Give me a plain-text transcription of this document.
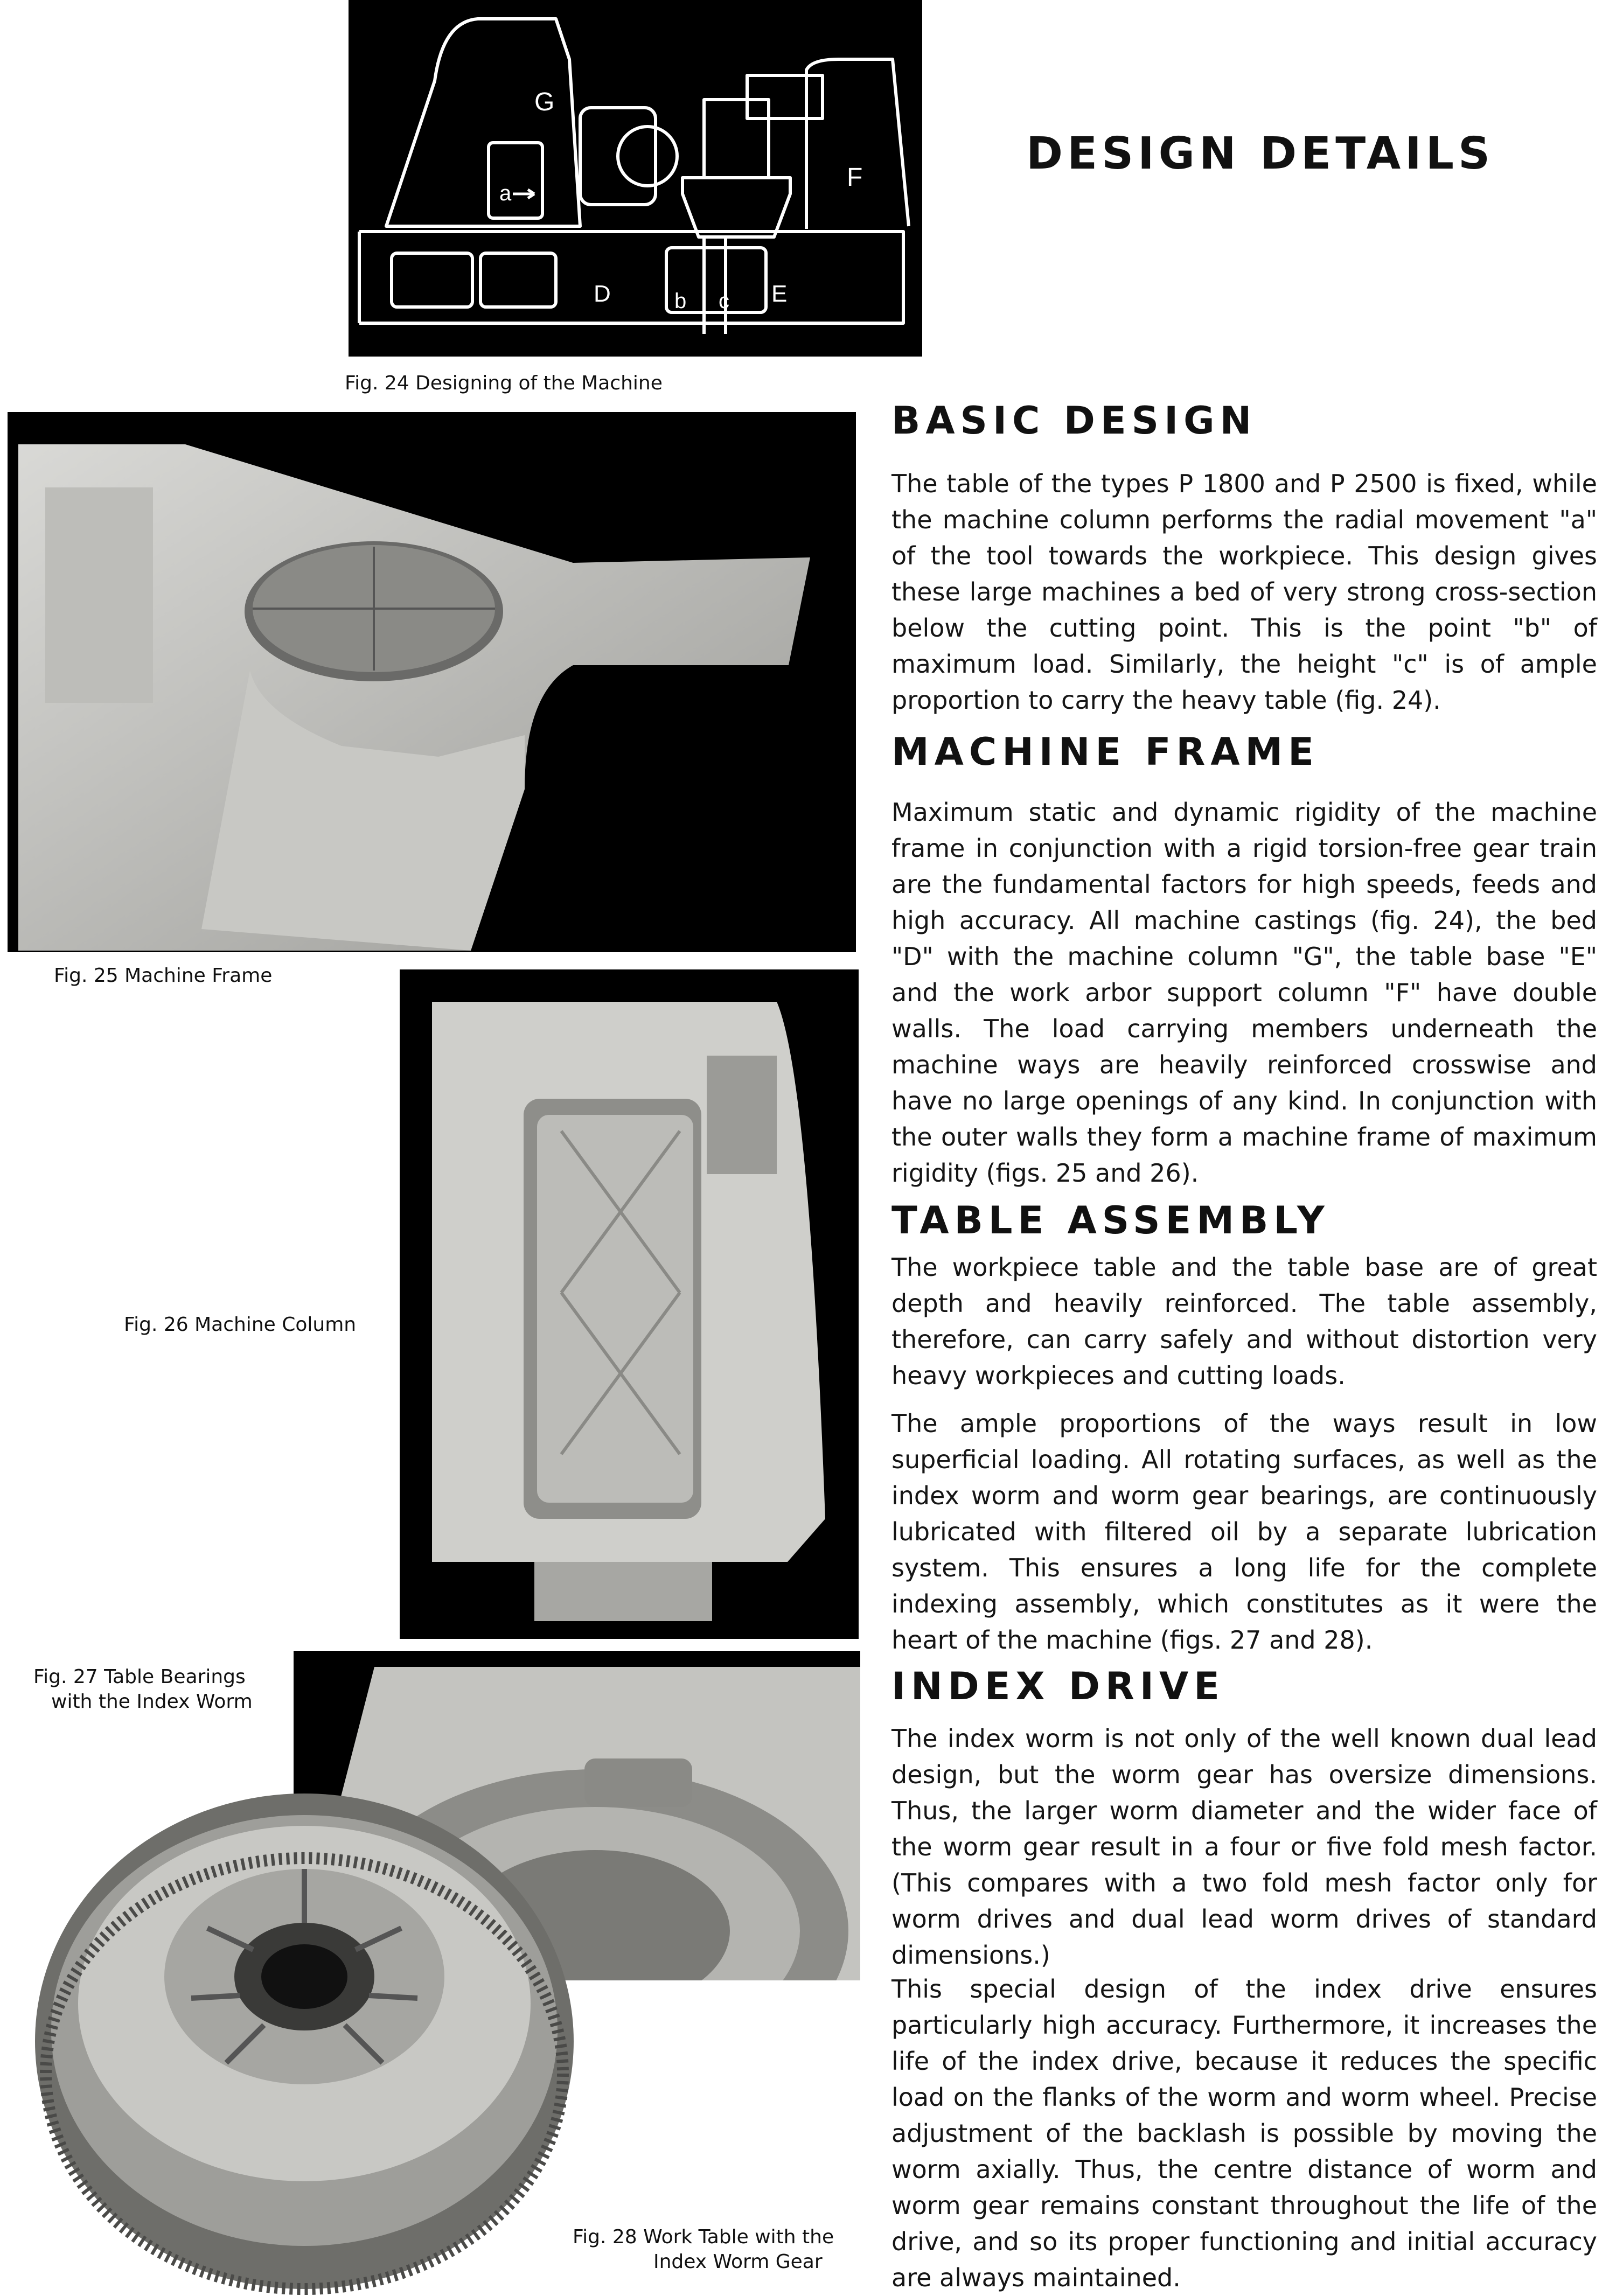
DESIGN DETAILS
G
a
F
D	b c E
Fig. 24 Designing of the Machine
Fig. 25 Machine Frame
Fig. 26 Machine Column
Fig. 27 Table Bearings
with the Index Worm
Fig. 28 Work Table with the
Index Worm Gear
BASIC DESIGN

The table of the types P 1800 and P 2500 is fixed, while the machine column performs the radial movement "a" of the tool towards the workpiece. This design gives these large machines a bed of very strong cross-section below the cutting point. This is the point "b" of maximum load. Similarly, the height "c" is of ample proportion to carry the heavy table (fig. 24).

MACHINE FRAME

Maximum static and dynamic rigidity of the machine frame in conjunction with a rigid torsion-free gear train are the fundamental factors for high speeds, feeds and high accuracy. All machine castings (fig. 24), the bed "D" with the machine column "G", the table base "E" and the work arbor support column "F" have double walls. The load carrying members underneath the machine ways are heavily reinforced crosswise and have no large openings of any kind. In conjunction with the outer walls they form a machine frame of maximum rigidity (figs. 25 and 26).

TABLE ASSEMBLY

The workpiece table and the table base are of great depth and heavily reinforced. The table assembly, therefore, can carry safely and without distortion very heavy workpieces and cutting loads.

The ample proportions of the ways result in low superficial loading. All rotating surfaces, as well as the index worm and worm gear bearings, are continuously lubricated with filtered oil by a separate lubrication system. This ensures a long life for the complete indexing assembly, which constitutes as it were the heart of the machine (figs. 27 and 28).

INDEX DRIVE

The index worm is not only of the well known dual lead design, but the worm gear has oversize dimensions. Thus, the larger worm diameter and the wider face of the worm gear result in a four or five fold mesh factor. (This compares with a two fold mesh factor only for worm drives and dual lead worm drives of standard dimensions.)

This special design of the index drive ensures particularly high accuracy. Furthermore, it increases the life of the index drive, because it reduces the specific load on the flanks of the worm and worm wheel. Precise adjustment of the backlash is possible by moving the worm axially. Thus, the centre distance of worm and worm gear remains constant throughout the life of the drive, and so its proper functioning and initial accuracy are always maintained.
